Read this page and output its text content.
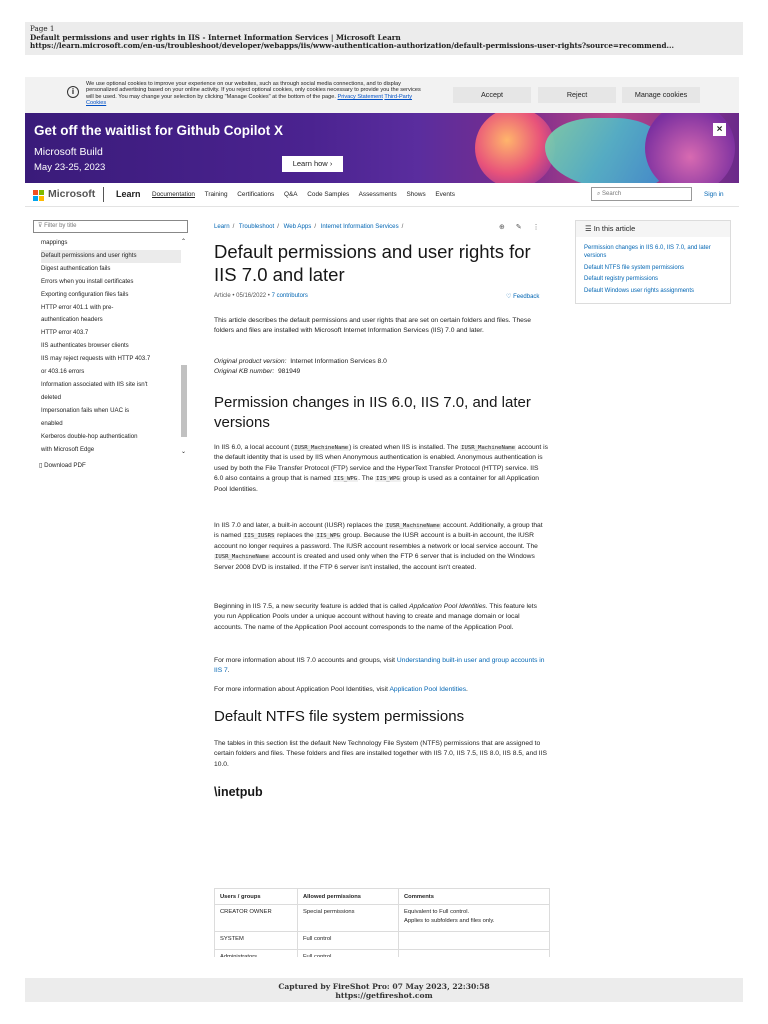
Page 1
Default permissions and user rights in IIS - Internet Information Services | Microsoft Learn
https://learn.microsoft.com/en-us/troubleshoot/developer/webapps/iis/www-authentication-authorization/default-permissions-user-rights?source=recommend...
i
We use optional cookies to improve your experience on our websites, such as through social media connections, and to display personalized advertising based on your online activity. If you reject optional cookies, only cookies necessary to provide you the services will be used. You may change your selection by clicking "Manage Cookies" at the bottom of the page. Privacy Statement Third-Party Cookies
Accept	Reject	Manage cookies
Get off the waitlist for Github Copilot X
Microsoft Build
May 23-25, 2023	Learn how ›
×
Microsoft Learn Documentation Training Certifications Q&A Code Samples Assessments Shows Events	⌕ Search	Sign in
⊽ Filter by title
mappings
Default permissions and user rights
Digest authentication fails
Errors when you install certificates
Exporting configuration files fails
HTTP error 401.1 with pre-
authentication headers
HTTP error 403.7
IIS authenticates browser clients
IIS may reject requests with HTTP 403.7
or 403.16 errors
Information associated with IIS site isn't
deleted
Impersonation fails when UAC is
enabled
Kerberos double-hop authentication
with Microsoft Edge
⌃
⌄
▯ Download PDF
Learn / Troubleshoot / Web Apps / Internet Information Services /	⊕ ✎ ⋮
Default permissions and user rights for IIS 7.0 and later
Article • 05/16/2022 • 7 contributors	♡ Feedback
This article describes the default permissions and user rights that are set on certain folders and files. These folders and files are installed with Microsoft Internet Information Services (IIS) 7.0 and later.
Original product version: Internet Information Services 8.0
Original KB number: 981949
Permission changes in IIS 6.0, IIS 7.0, and later versions
In IIS 6.0, a local account (IUSR_MachineName) is created when IIS is installed. The IUSR_MachineName account is the default identity that is used by IIS when Anonymous authentication is enabled. Anonymous authentication is used by both the File Transfer Protocol (FTP) service and the HyperText Transfer Protocol (HTTP) service. IIS 6.0 also contains a group that is named IIS_WPG. The IIS_WPG group is used as a container for all Application Pool Identities.
In IIS 7.0 and later, a built-in account (IUSR) replaces the IUSR_MachineName account. Additionally, a group that is named IIS_IUSRS replaces the IIS_WPG group. Because the IUSR account is a built-in account, the IUSR account no longer requires a password. The IUSR account resembles a network or local service account. The IUSR_MachineName account is created and used only when the FTP 6 server that is included on the Windows Server 2008 DVD is installed. If the FTP 6 server isn't installed, the account isn't created.
Beginning in IIS 7.5, a new security feature is added that is called Application Pool Identities. This feature lets you run Application Pools under a unique account without having to create and manage domain or local accounts. The name of the Application Pool account corresponds to the name of the Application Pool.
For more information about IIS 7.0 accounts and groups, visit Understanding built-in user and group accounts in IIS 7.
For more information about Application Pool Identities, visit Application Pool Identities.
Default NTFS file system permissions
The tables in this section list the default New Technology File System (NTFS) permissions that are assigned to certain folders and files. These folders and files are installed together with IIS 7.0, IIS 7.5, IIS 8.0, IIS 8.5, and IIS 10.0.
\inetpub
Users / groups	Allowed permissions	Comments
CREATOR OWNER	Special permissions	Equivalent to Full control.
Applies to subfolders and files only.

SYSTEM	Full control	
Administrators	Full control	

☰ In this article
Permission changes in IIS 6.0, IIS 7.0, and later versions
Default NTFS file system permissions
Default registry permissions
Default Windows user rights assignments
Captured by FireShot Pro: 07 May 2023, 22:30:58
https://getfireshot.com
